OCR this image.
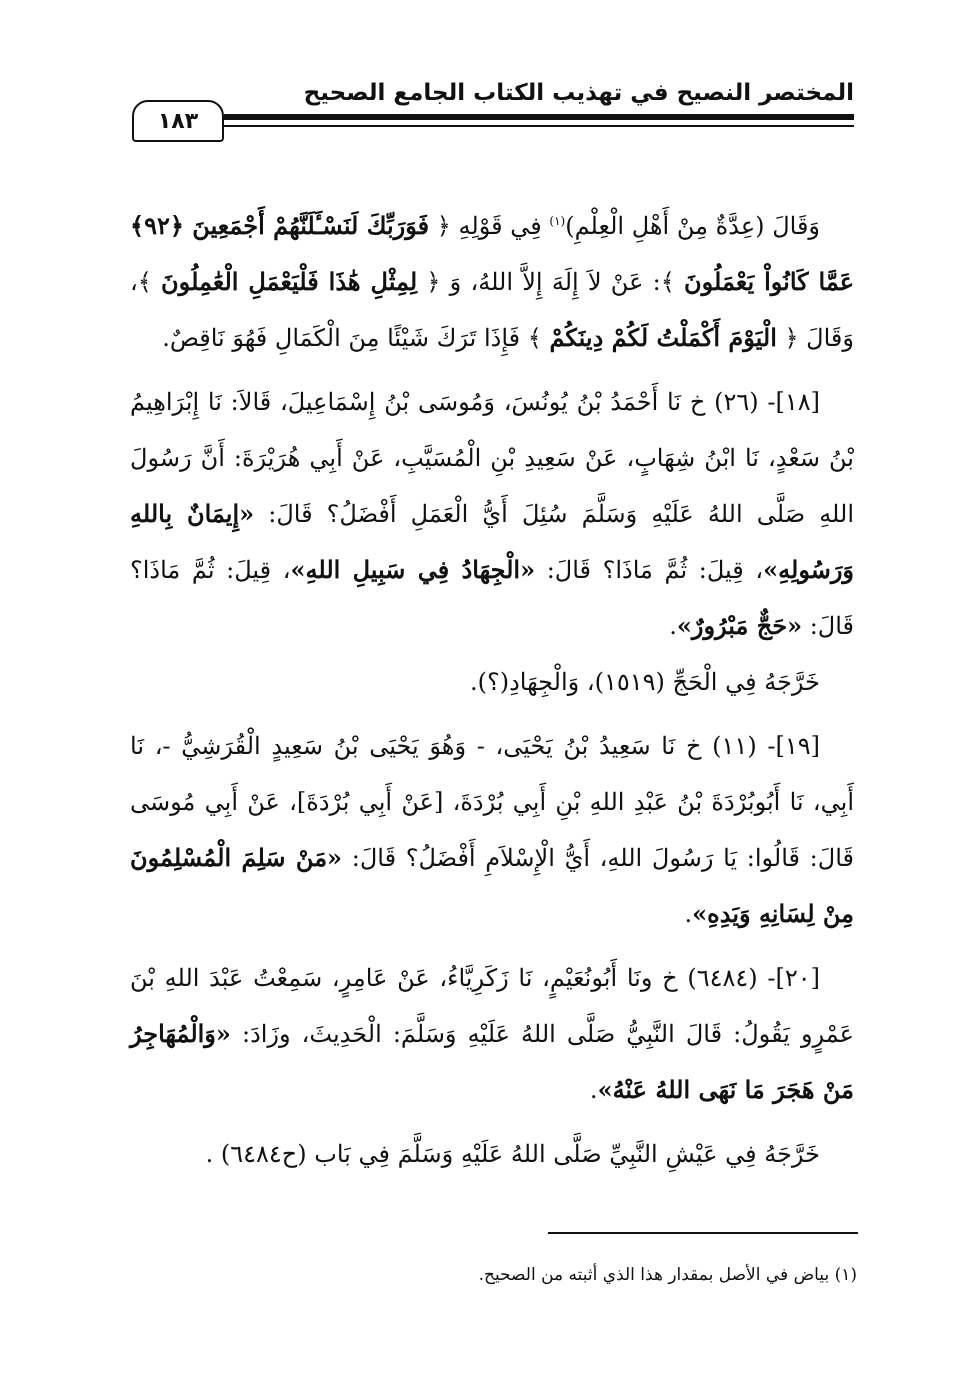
المختصر النصيح في تهذيب الكتاب الجامع الصحيح
١٨٣

وَقَالَ (عِدَّةٌ مِنْ أَهْلِ الْعِلْمِ)$^{(١)}$ فِي قَوْلِهِ ﴿ فَوَرَبِّكَ لَنَسْـَٔلَنَّهُمْ أَجْمَعِينَ ﴿٩٢﴾ عَمَّا كَانُواْ يَعْمَلُونَ ﴾: عَنْ لاَ إِلَهَ إِلاَّ اللهُ، وَ ﴿ لِمِثْلِ هَٰذَا فَلْيَعْمَلِ الْعَٰمِلُونَ ﴾، وَقَالَ ﴿ الْيَوْمَ أَكْمَلْتُ لَكُمْ دِينَكُمْ ﴾ فَإِذَا تَرَكَ شَيْئًا مِنَ الْكَمَالِ فَهُوَ نَاقِصٌ.

[١٨]- (٢٦) خ نَا أَحْمَدُ بْنُ يُونُسَ، وَمُوسَى بْنُ إِسْمَاعِيلَ، قَالاَ: نَا إِبْرَاهِيمُ بْنُ سَعْدٍ، نَا ابْنُ شِهَابٍ، عَنْ سَعِيدِ بْنِ الْمُسَيَّبِ، عَنْ أَبِي هُرَيْرَةَ: أَنَّ رَسُولَ اللهِ صَلَّى اللهُ عَلَيْهِ وَسَلَّمَ سُئِلَ أَيُّ الْعَمَلِ أَفْضَلُ؟ قَالَ: «إِيمَانٌ بِاللهِ وَرَسُولِهِ»، قِيلَ: ثُمَّ مَاذَا؟ قَالَ: «الْجِهَادُ فِي سَبِيلِ اللهِ»، قِيلَ: ثُمَّ مَاذَا؟ قَالَ: «حَجٌّ مَبْرُورٌ».

خَرَّجَهُ فِي الْحَجِّ (١٥١٩)، وَالْجِهَادِ(؟).

[١٩]- (١١) خ نَا سَعِيدُ بْنُ يَحْيَى، - وَهُوَ يَحْيَى بْنُ سَعِيدٍ الْقُرَشِيُّ -، نَا أَبِي، نَا أَبُوبُرْدَةَ بْنُ عَبْدِ اللهِ بْنِ أَبِي بُرْدَةَ، [عَنْ أَبِي بُرْدَةَ]، عَنْ أَبِي مُوسَى قَالَ: قَالُوا: يَا رَسُولَ اللهِ، أَيُّ الْإِسْلاَمِ أَفْضَلُ؟ قَالَ: «مَنْ سَلِمَ الْمُسْلِمُونَ مِنْ لِسَانِهِ وَيَدِهِ».

[٢٠]- (٦٤٨٤) خ ونَا أَبُونُعَيْمٍ، نَا زَكَرِيَّاءُ، عَنْ عَامِرٍ، سَمِعْتُ عَبْدَ اللهِ بْنَ عَمْرٍو يَقُولُ: قَالَ النَّبِيُّ صَلَّى اللهُ عَلَيْهِ وَسَلَّمَ: الْحَدِيثَ، وزَادَ: «وَالْمُهَاجِرُ مَنْ هَجَرَ مَا نَهَى اللهُ عَنْهُ».

خَرَّجَهُ فِي عَيْشِ النَّبِيِّ صَلَّى اللهُ عَلَيْهِ وَسَلَّمَ فِي بَاب (ح٦٤٨٤) .

(١) بياض في الأصل بمقدار هذا الذي أثبته من الصحيح.
